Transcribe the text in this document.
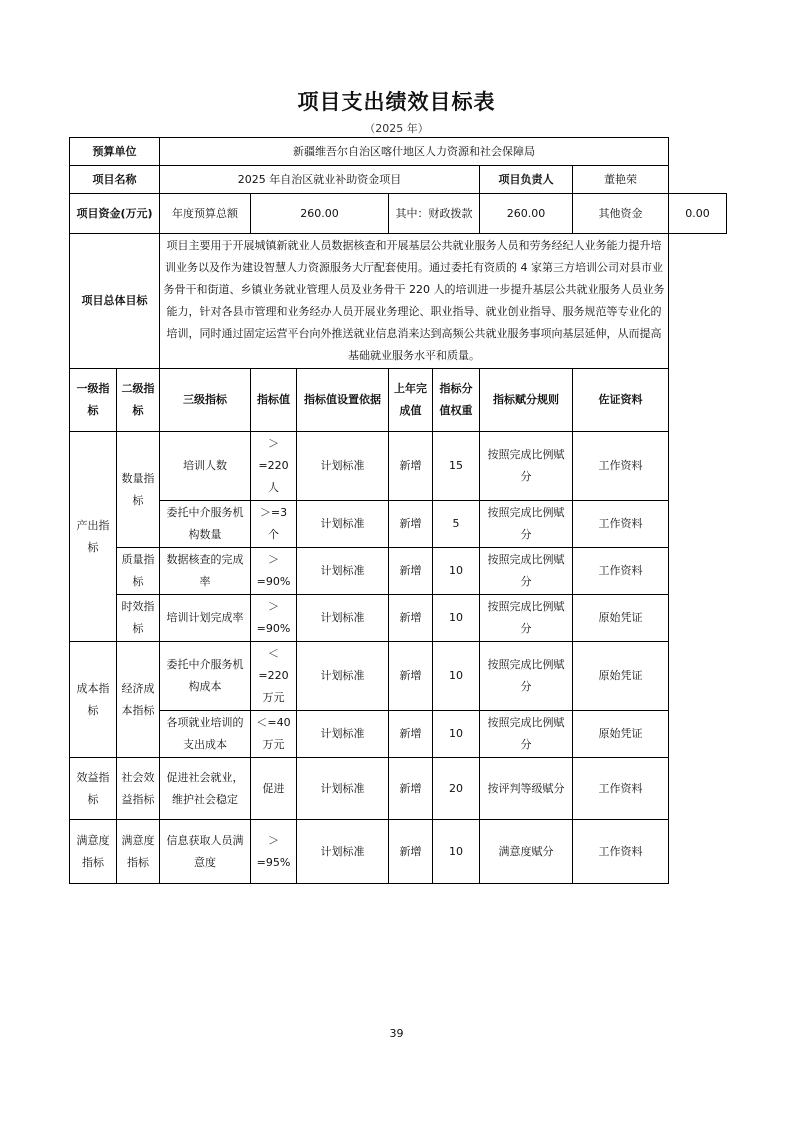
项目支出绩效目标表
（2025 年）
预算单位		新疆维吾尔自治区喀什地区人力资源和社会保障局							
项目名称		2025 年自治区就业补助资金项目					项目负责人	董艳荣	
项目资金(万元)		年度预算总额	260.00		其中：财政拨款		260.00	其他资金	0.00
项目总体目标		项目主要用于开展城镇新就业人员数据核查和开展基层公共就业服务人员和劳务经纪人业务能力提升培训业务以及作为建设智慧人力资源服务大厅配套使用。通过委托有资质的 4 家第三方培训公司对县市业务骨干和街道、乡镇业务就业管理人员及业务骨干 220 人的培训进一步提升基层公共就业服务人员业务能力，针对各县市管理和业务经办人员开展业务理论、职业指导、就业创业指导、服务规范等专业化的培训，同时通过固定运营平台向外推送就业信息消来达到高频公共就业服务事项向基层延伸，从而提高基础就业服务水平和质量。							
一级指标	二级指标	三级指标	指标值	指标值设置依据	上年完成值	指标分值权重	指标赋分规则	佐证资料	
产出指标	数量指标	培训人数	＞=220 人	计划标准	新增	15	按照完成比例赋分	工作资料	
		委托中介服务机构数量	＞=3 个	计划标准	新增	5	按照完成比例赋分	工作资料	
	质量指标	数据核查的完成率	＞=90%	计划标准	新增	10	按照完成比例赋分	工作资料	
	时效指标	培训计划完成率	＞=90%	计划标准	新增	10	按照完成比例赋分	原始凭证	
成本指标	经济成本指标	委托中介服务机构成本	＜=220 万元	计划标准	新增	10	按照完成比例赋分	原始凭证	
		各项就业培训的支出成本	＜=40 万元	计划标准	新增	10	按照完成比例赋分	原始凭证	
效益指标	社会效益指标	促进社会就业，维护社会稳定	促进	计划标准	新增	20	按评判等级赋分	工作资料	
满意度指标	满意度指标	信息获取人员满意度	＞=95%	计划标准	新增	10	满意度赋分	工作资料	
39
